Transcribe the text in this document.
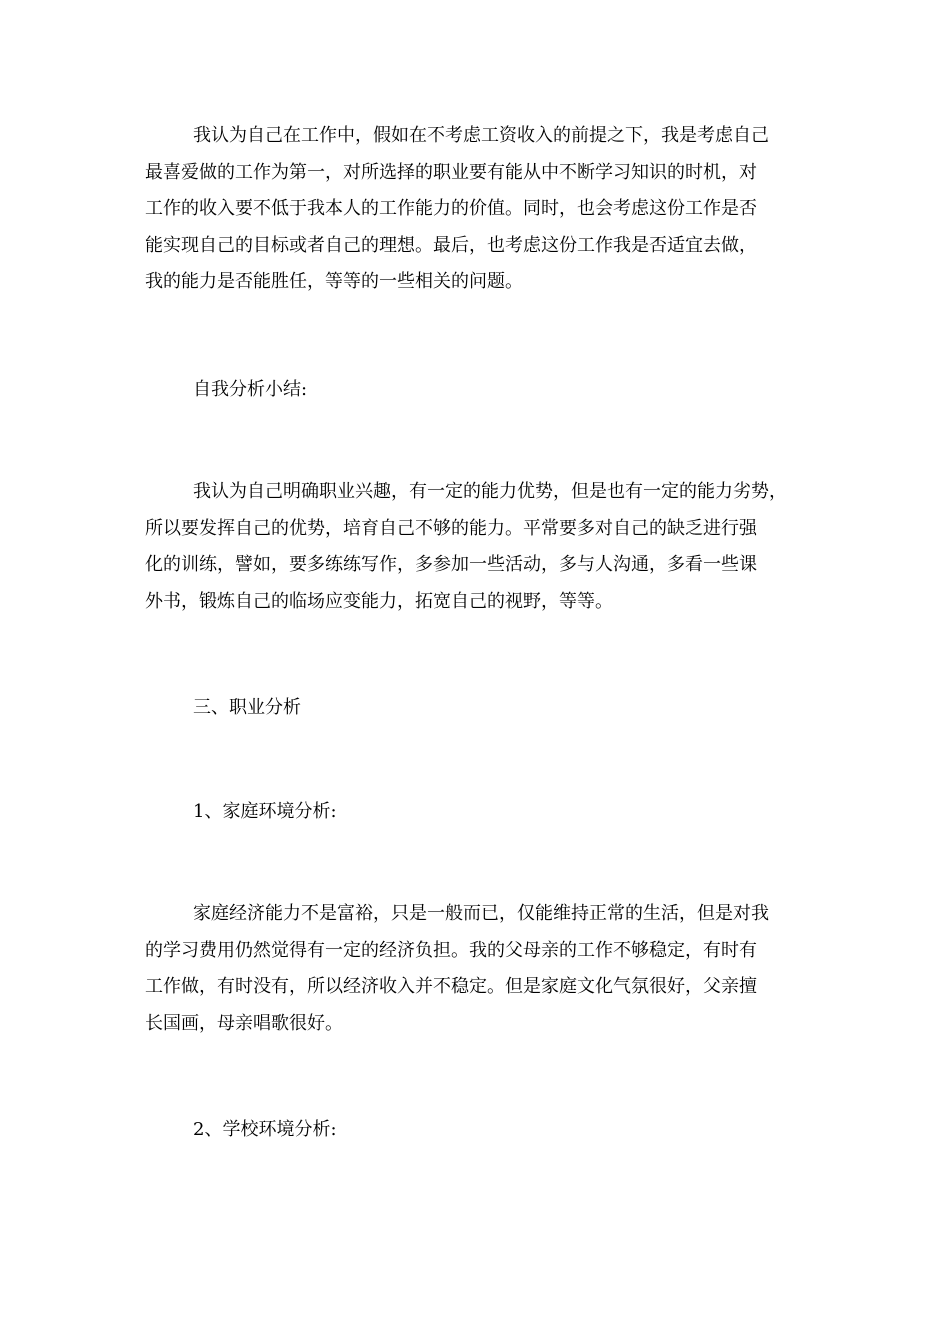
我认为自己在工作中，假如在不考虑工资收入的前提之下，我是考虑自己
最喜爱做的工作为第一，对所选择的职业要有能从中不断学习知识的时机，对
工作的收入要不低于我本人的工作能力的价值。同时，也会考虑这份工作是否
能实现自己的目标或者自己的理想。最后，也考虑这份工作我是否适宜去做，
我的能力是否能胜任，等等的一些相关的问题。
自我分析小结:
我认为自己明确职业兴趣，有一定的能力优势，但是也有一定的能力劣势，
所以要发挥自己的优势，培育自己不够的能力。平常要多对自己的缺乏进行强
化的训练，譬如，要多练练写作，多参加一些活动，多与人沟通，多看一些课
外书，锻炼自己的临场应变能力，拓宽自己的视野，等等。
三、职业分析
1、家庭环境分析:
家庭经济能力不是富裕，只是一般而已，仅能维持正常的生活，但是对我
的学习费用仍然觉得有一定的经济负担。我的父母亲的工作不够稳定，有时有
工作做，有时没有，所以经济收入并不稳定。但是家庭文化气氛很好，父亲擅
长国画，母亲唱歌很好。
2、学校环境分析:
